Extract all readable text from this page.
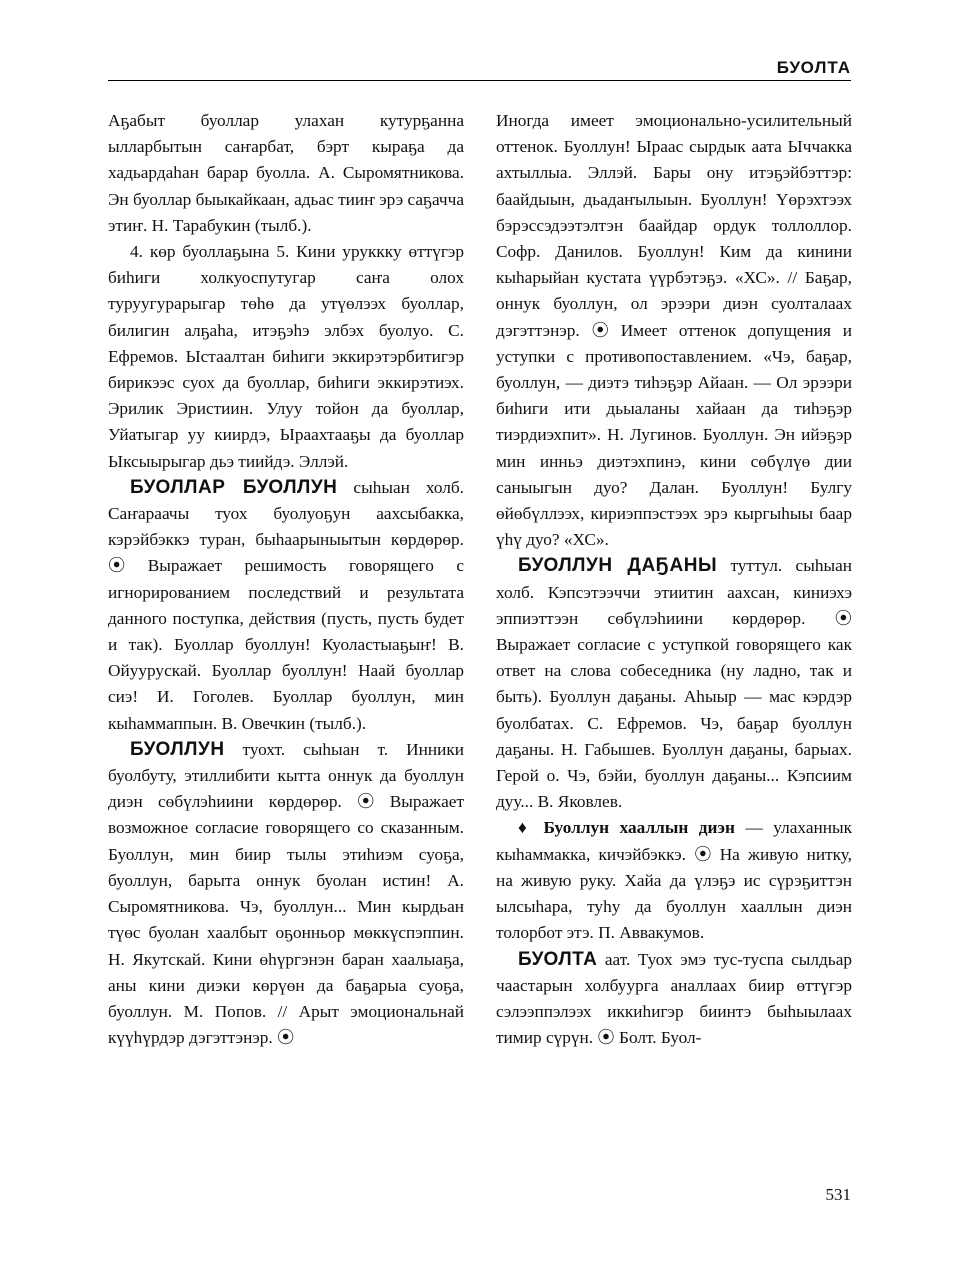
БУОЛТА

Аҕабыт буоллар улахан кутурҕанна ылларбытын саҥарбат, бэрт кыраҕа да хадьардаһан барар буолла. А. Сыромятникова. Эн буоллар быыкайкаан, адьас тииҥ эрэ саҕачча этиҥ. Н. Тарабукин (тылб.).

4. көр буоллаҕына 5. Кини уруккку өттүгэр биһиги холкуоспутугар саҥа олох туруугурарыгар төһө да утүөлээх буоллар, билигин алҕаһа, итэҕэһэ элбэх буолуо. С. Ефремов. Ыстаалтан биһиги эккирэтэрбитигэр бирикээс суох да буоллар, биһиги эккирэтиэх. Эрилик Эристиин. Улуу тойон да буоллар, Уйатыгар уу киирдэ, Ыраахтааҕы да буоллар Ыксыырыгар дьэ тиийдэ. Эллэй.

БУОЛЛАР БУОЛЛУН сыһыан холб. Саҥараачы туох буолуоҕун аахсыбакка, кэрэйбэккэ туран, быһаарыныытын көрдөрөр. ⦿ Выражает решимость говорящего с игнорированием последствий и результата данного поступка, действия (пусть, пусть будет и так). Буоллар буоллун! Куоластыаҕыҥ! В. Ойуурускай. Буоллар буоллун! Наай буоллар сиэ! И. Гоголев. Буоллар буоллун, мин кыһаммаппын. В. Овечкин (тылб.).

БУОЛЛУН туохт. сыһыан т. Инники буолбуту, этиллибити кытта оннук да буоллун диэн сөбүлэһиини көрдөрөр. ⦿ Выражает возможное согласие говорящего со сказанным. Буоллун, мин биир тылы этиһиэм суоҕа, буоллун, барыта оннук буолан истин! А. Сыромятникова. Чэ, буоллун... Мин кырдьан түөс буолан хаалбыт оҕонньор мөккүспэппин. Н. Якутскай. Кини өһүргэнэн баран хаалыаҕа, аны кини диэки көрүөн да баҕарыа суоҕа, буоллун. М. Попов. // Арыт эмоциональнай күүһүрдэр дэгэттэнэр. ⦿

Иногда имеет эмоционально-усилительный оттенок. Буоллун! Ыраас сырдык аата Ыччакка ахтыллыа. Эллэй. Бары ону итэҕэйбэттэр: баайдыын, дьадаҥылыын. Буоллун! Үөрэхтээх бэрэссэдээтэлтэн баайдар ордук толлоллор. Софр. Данилов. Буоллун! Ким да кинини кыһарыйан кустата үүрбэтэҕэ. «ХС». // Баҕар, оннук буоллун, ол эрээри диэн суолталаах дэгэттэнэр. ⦿ Имеет оттенок допущения и уступки с противопоставлением. «Чэ, баҕар, буоллун, — диэтэ тиһэҕэр Айаан. — Ол эрээри биһиги ити дьыаланы хайаан да тиһэҕэр тиэрдиэхпит». Н. Лугинов. Буоллун. Эн ийэҕэр мин инньэ диэтэхпинэ, кини сөбүлүө дии саныыгын дуо? Далан. Буоллун! Булгу өйөбүллээх, кириэппэстээх эрэ кыргыһыы баар үһү дуо? «ХС».

БУОЛЛУН ДАҔАНЫ туттул. сыһыан холб. Кэпсэтээччи этиитин аахсан, киниэхэ эппиэттээн сөбүлэһиини көрдөрөр. ⦿ Выражает согласие с уступкой говорящего как ответ на слова собеседника (ну ладно, так и быть). Буоллун даҕаны. Аһыыр — мас кэрдэр буолбатах. С. Ефремов. Чэ, баҕар буоллун даҕаны. Н. Габышев. Буоллун даҕаны, барыах. Герой о. Чэ, бэйи, буоллун даҕаны... Кэпсиим дуу... В. Яковлев.

♦ Буоллун хааллын диэн — улаханнык кыһаммакка, кичэйбэккэ. ⦿ На живую нитку, на живую руку. Хайа да үлэҕэ ис сүрэҕиттэн ылсыһара, туһу да буоллун хааллын диэн толорбот этэ. П. Аввакумов.

БУОЛТА аат. Туох эмэ тус-туспа сылдьар чаастарын холбуурга аналлаах биир өттүгэр сэлээппэлээх иккиһигэр биинтэ быһыылаах тимир сүрүн. ⦿ Болт. Буол-

531
